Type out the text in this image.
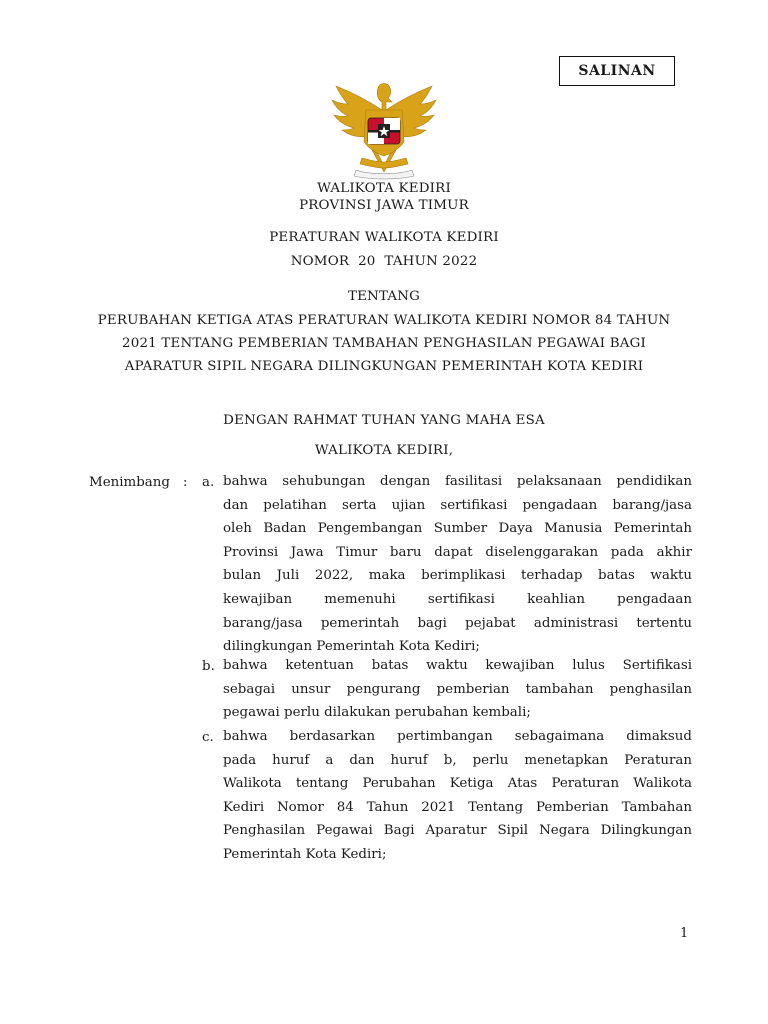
SALINAN
WALIKOTA KEDIRI
PROVINSI JAWA TIMUR
PERATURAN WALIKOTA KEDIRI
NOMOR  20  TAHUN 2022
TENTANG
PERUBAHAN KETIGA ATAS PERATURAN WALIKOTA KEDIRI NOMOR 84 TAHUN
2021 TENTANG PEMBERIAN TAMBAHAN PENGHASILAN PEGAWAI BAGI
APARATUR SIPIL NEGARA DILINGKUNGAN PEMERINTAH KOTA KEDIRI
DENGAN RAHMAT TUHAN YANG MAHA ESA
WALIKOTA KEDIRI,
Menimbang : a. bahwa sehubungan dengan fasilitasi pelaksanaan pendidikan
dan pelatihan serta ujian sertifikasi pengadaan barang/jasa
oleh Badan Pengembangan Sumber Daya Manusia Pemerintah
Provinsi Jawa Timur baru dapat diselenggarakan pada akhir
bulan Juli 2022, maka berimplikasi terhadap batas waktu
kewajiban memenuhi sertifikasi keahlian pengadaan
barang/jasa pemerintah bagi pejabat administrasi tertentu
dilingkungan Pemerintah Kota Kediri;
b. bahwa ketentuan batas waktu kewajiban lulus Sertifikasi
sebagai unsur pengurang pemberian tambahan penghasilan
pegawai perlu dilakukan perubahan kembali;
c. bahwa berdasarkan pertimbangan sebagaimana dimaksud
pada huruf a dan huruf b, perlu menetapkan Peraturan
Walikota tentang Perubahan Ketiga Atas Peraturan Walikota
Kediri Nomor 84 Tahun 2021 Tentang Pemberian Tambahan
Penghasilan Pegawai Bagi Aparatur Sipil Negara Dilingkungan
Pemerintah Kota Kediri;
1
